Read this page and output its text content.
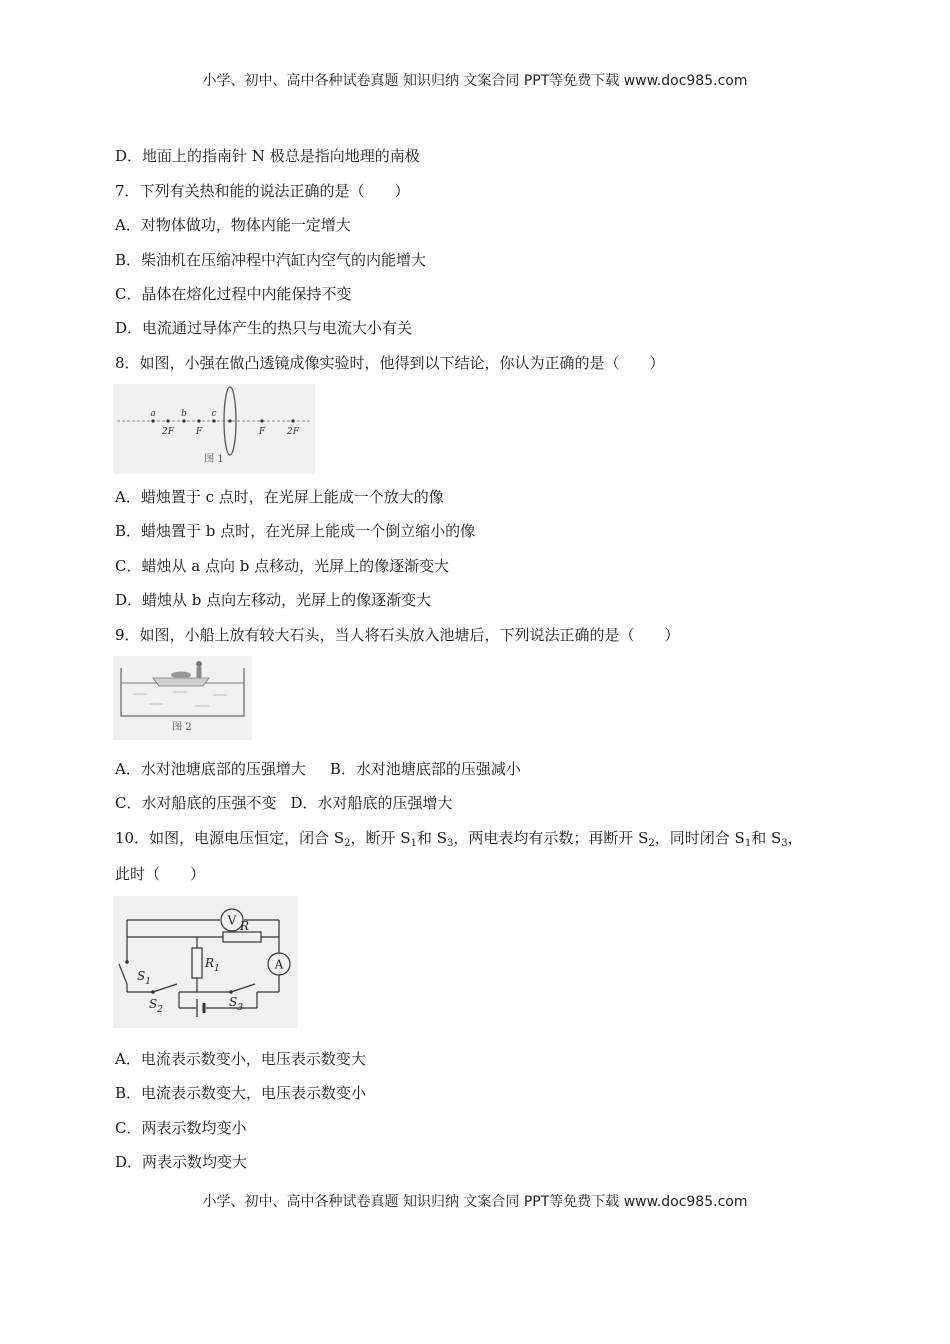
小学、初中、高中各种试卷真题 知识归纳 文案合同 PPT等免费下载 www.doc985.com
D．地面上的指南针 N 极总是指向地理的南极
7．下列有关热和能的说法正确的是（　　）
A．对物体做功，物体内能一定增大
B．柴油机在压缩冲程中汽缸内空气的内能增大
C．晶体在熔化过程中内能保持不变
D．电流通过导体产生的热只与电流大小有关
8．如图，小强在做凸透镜成像实验时，他得到以下结论，你认为正确的是（　　）
a	b	c
2F F	F 2F
图 1
A．蜡烛置于 c 点时，在光屏上能成一个放大的像
B．蜡烛置于 b 点时，在光屏上能成一个倒立缩小的像
C．蜡烛从 a 点向 b 点移动，光屏上的像逐渐变大
D．蜡烛从 b 点向左移动，光屏上的像逐渐变大
9．如图，小船上放有较大石头，当人将石头放入池塘后，下列说法正确的是（　　）
图 2
A．水对池塘底部的压强增大 B．水对池塘底部的压强减小
C．水对船底的压强不变 D．水对船底的压强增大
10．如图，电源电压恒定，闭合 $S_2$，断开 $S_1$和 $S_3$，两电表均有示数；再断开 $S_2$，同时闭合 $S_1$和 $S_3$，
此时（　　）
V
A
R
$R_1$
$S_1$
$S_2$
$S_3$
A．电流表示数变小，电压表示数变大
B．电流表示数变大，电压表示数变小
C．两表示数均变小
D．两表示数均变大
小学、初中、高中各种试卷真题 知识归纳 文案合同 PPT等免费下载 www.doc985.com
